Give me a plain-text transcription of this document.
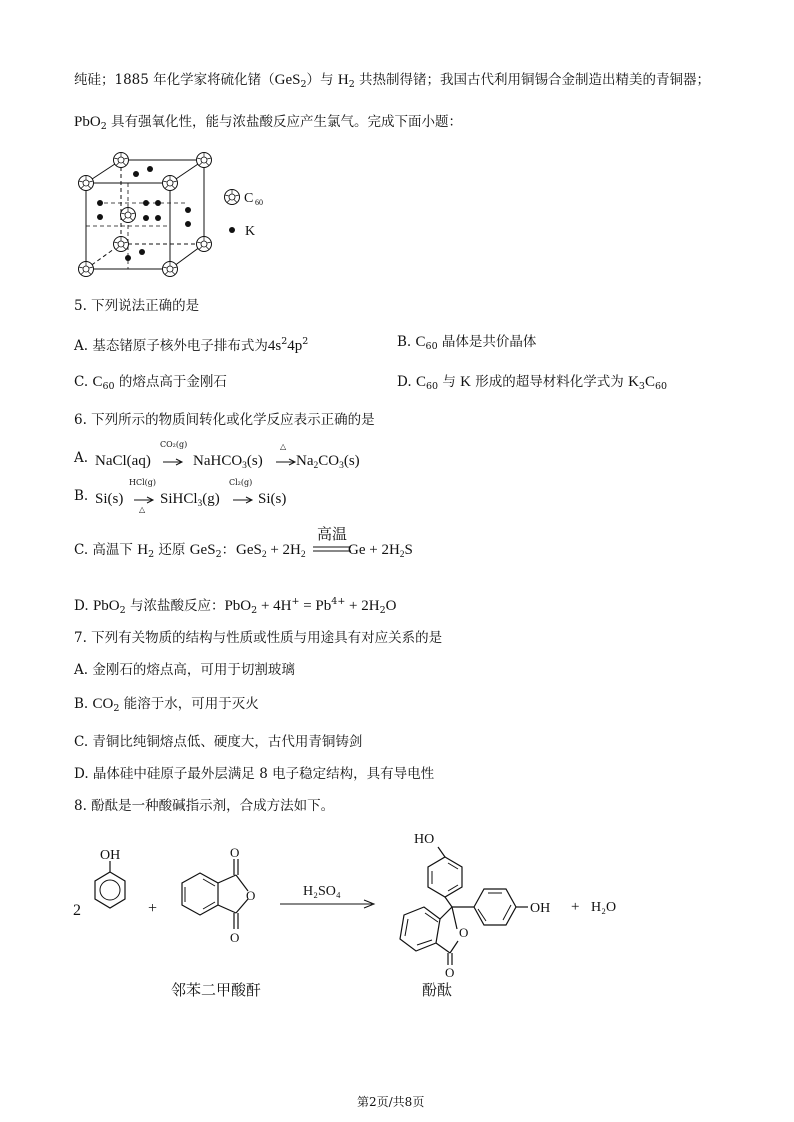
纯硅；1885 年化学家将硫化锗（GeS$_2$）与 $H_2$ 共热制得锗；我国古代利用铜锡合金制造出精美的青铜器；
PbO$_2$ 具有强氧化性，能与浓盐酸反应产生氯气。完成下面小题：
C 60
K
5. 下列说法正确的是
A. 基态锗原子核外电子排布式为$4s^24p^2$	B. $C_{60}$ 晶体是共价晶体
C. $C_{60}$ 的熔点高于金刚石	D. $C_{60}$ 与 K 形成的超导材料化学式为 $K_3C_{60}$
6. 下列所示的物质间转化或化学反应表示正确的是
A. NaCl(aq)
CO₂(g)
NaHCO$_3$(s)
△
$Na_2CO_3(s)$
B. Si(s)
HCl(g)
△
SiHCl$_3$(g)
Cl₂(g)
Si(s)
C. 高温下 $H_2$ 还原 GeS$_2$： $GeS_2 + 2H_2$
高温
$Ge + 2H_2S$
D. PbO$_2$ 与浓盐酸反应：$PbO_2 + 4H^+ = Pb^{4+} + 2H_2O$
7. 下列有关物质的结构与性质或性质与用途具有对应关系的是
A. 金刚石的熔点高，可用于切割玻璃
B. $CO_2$ 能溶于水，可用于灭火
C. 青铜比纯铜熔点低、硬度大，古代用青铜铸剑
D. 晶体硅中硅原子最外层满足 8 电子稳定结构，具有导电性
8. 酚酞是一种酸碱指示剂，合成方法如下。
2
OH
+
O
O
O
H₂SO₄
HO
OH
O
O
+ H₂O
邻苯二甲酸酐	酚酞
第2页/共8页
